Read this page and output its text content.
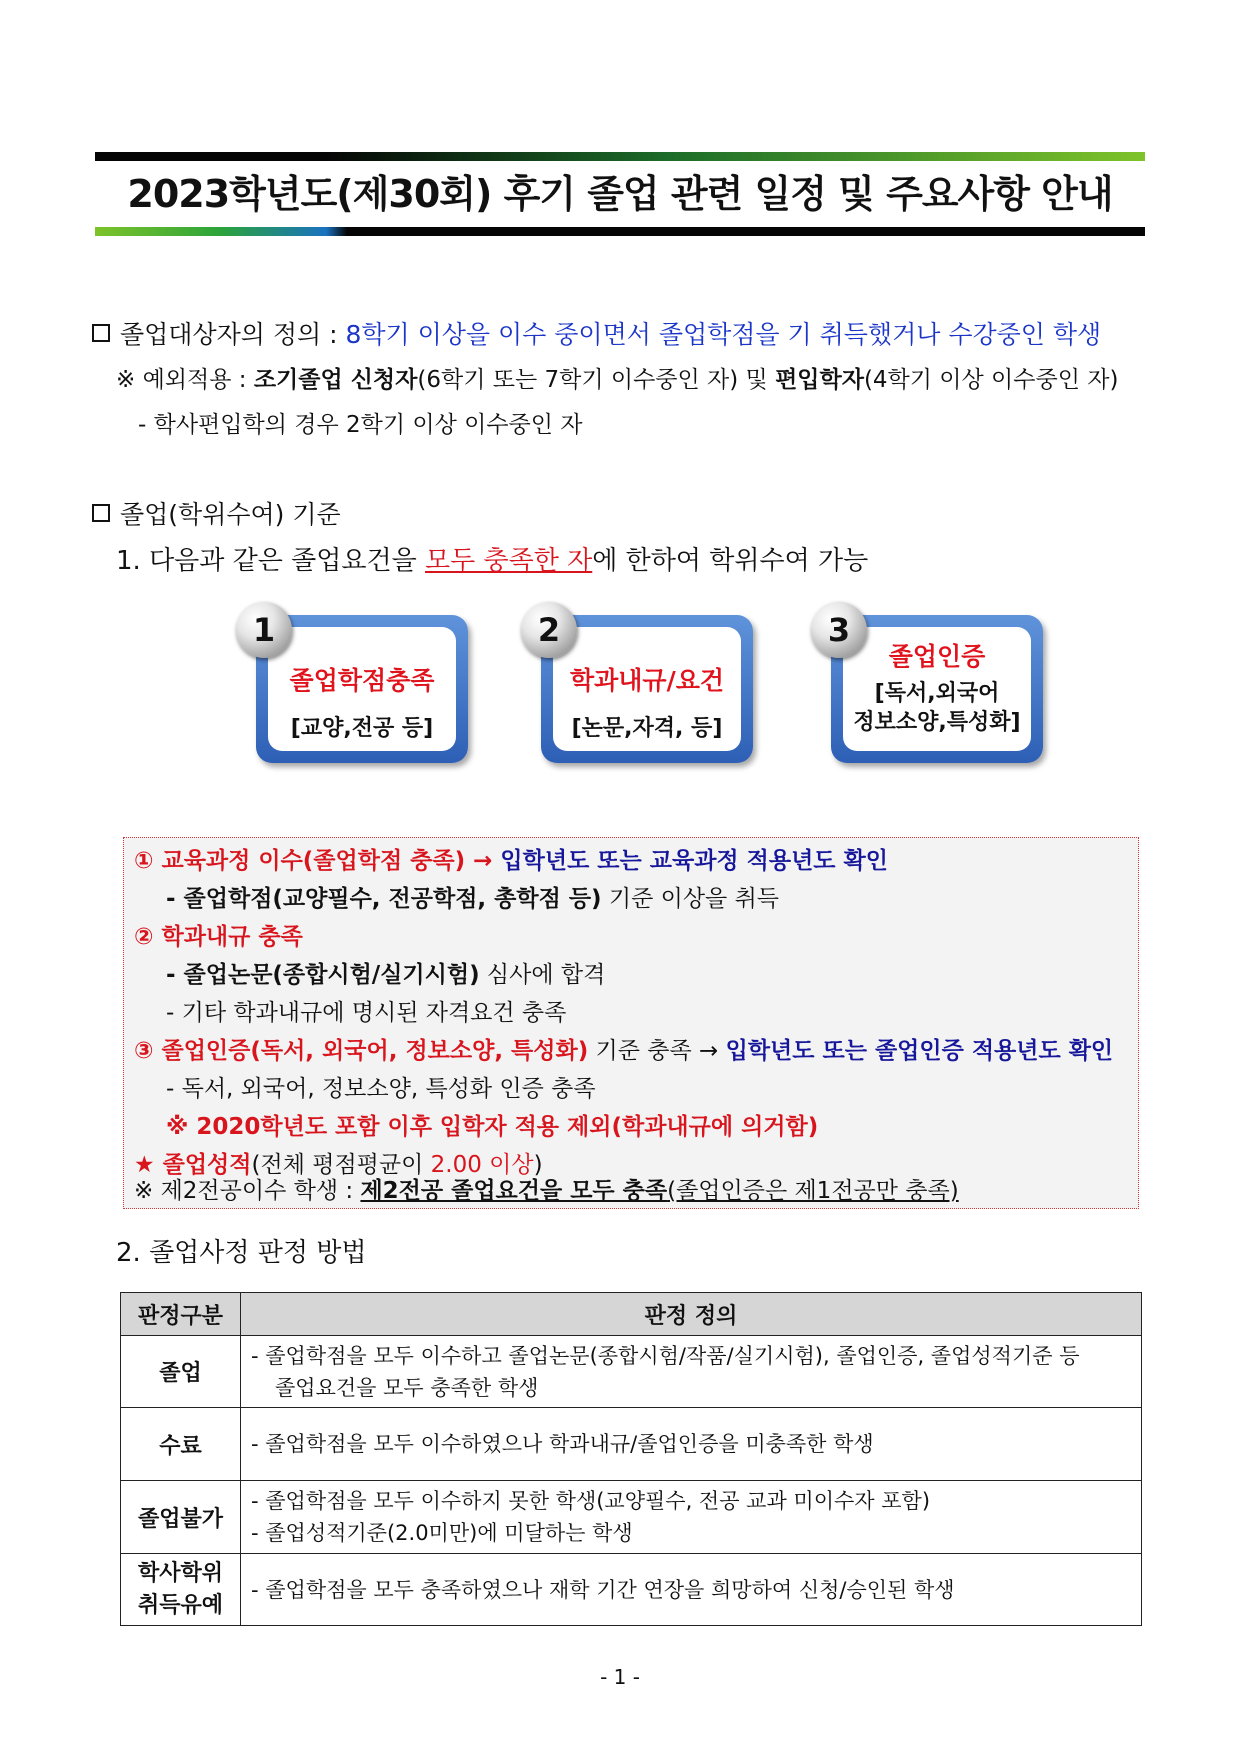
2023학년도(제30회) 후기 졸업 관련 일정 및 주요사항 안내
졸업대상자의 정의 : 8학기 이상을 이수 중이면서 졸업학점을 기 취득했거나 수강중인 학생
※ 예외적용 : 조기졸업 신청자(6학기 또는 7학기 이수중인 자) 및 편입학자(4학기 이상 이수중인 자)
- 학사편입학의 경우 2학기 이상 이수중인 자
졸업(학위수여) 기준
1. 다음과 같은 졸업요건을 모두 충족한 자에 한하여 학위수여 가능
졸업학점충족
[교양,전공 등]
1
학과내규/요건
[논문,자격, 등]
2
졸업인증
[독서,외국어
정보소양,특성화]
3
① 교육과정 이수(졸업학점 충족) → 입학년도 또는 교육과정 적용년도 확인
- 졸업학점(교양필수, 전공학점, 총학점 등) 기준 이상을 취득
② 학과내규 충족
- 졸업논문(종합시험/실기시험) 심사에 합격
- 기타 학과내규에 명시된 자격요건 충족
③ 졸업인증(독서, 외국어, 정보소양, 특성화) 기준 충족 → 입학년도 또는 졸업인증 적용년도 확인
- 독서, 외국어, 정보소양, 특성화 인증 충족
※ 2020학년도 포함 이후 입학자 적용 제외(학과내규에 의거함)
★ 졸업성적(전체 평점평균이 2.00 이상)
※ 제2전공이수 학생 : 제2전공 졸업요건을 모두 충족(졸업인증은 제1전공만 충족)
2. 졸업사정 판정 방법
판정구분	판정 정의
졸업	- 졸업학점을 모두 이수하고 졸업논문(종합시험/작품/실기시험), 졸업인증, 졸업성적기준 등
졸업요건을 모두 충족한 학생

수료	- 졸업학점을 모두 이수하였으나 학과내규/졸업인증을 미충족한 학생

졸업불가	- 졸업학점을 모두 이수하지 못한 학생(교양필수, 전공 교과 미이수자 포함)
- 졸업성적기준(2.0미만)에 미달하는 학생

학사학위
취득유예	- 졸업학점을 모두 충족하였으나 재학 기간 연장을 희망하여 신청/승인된 학생
- 1 -
